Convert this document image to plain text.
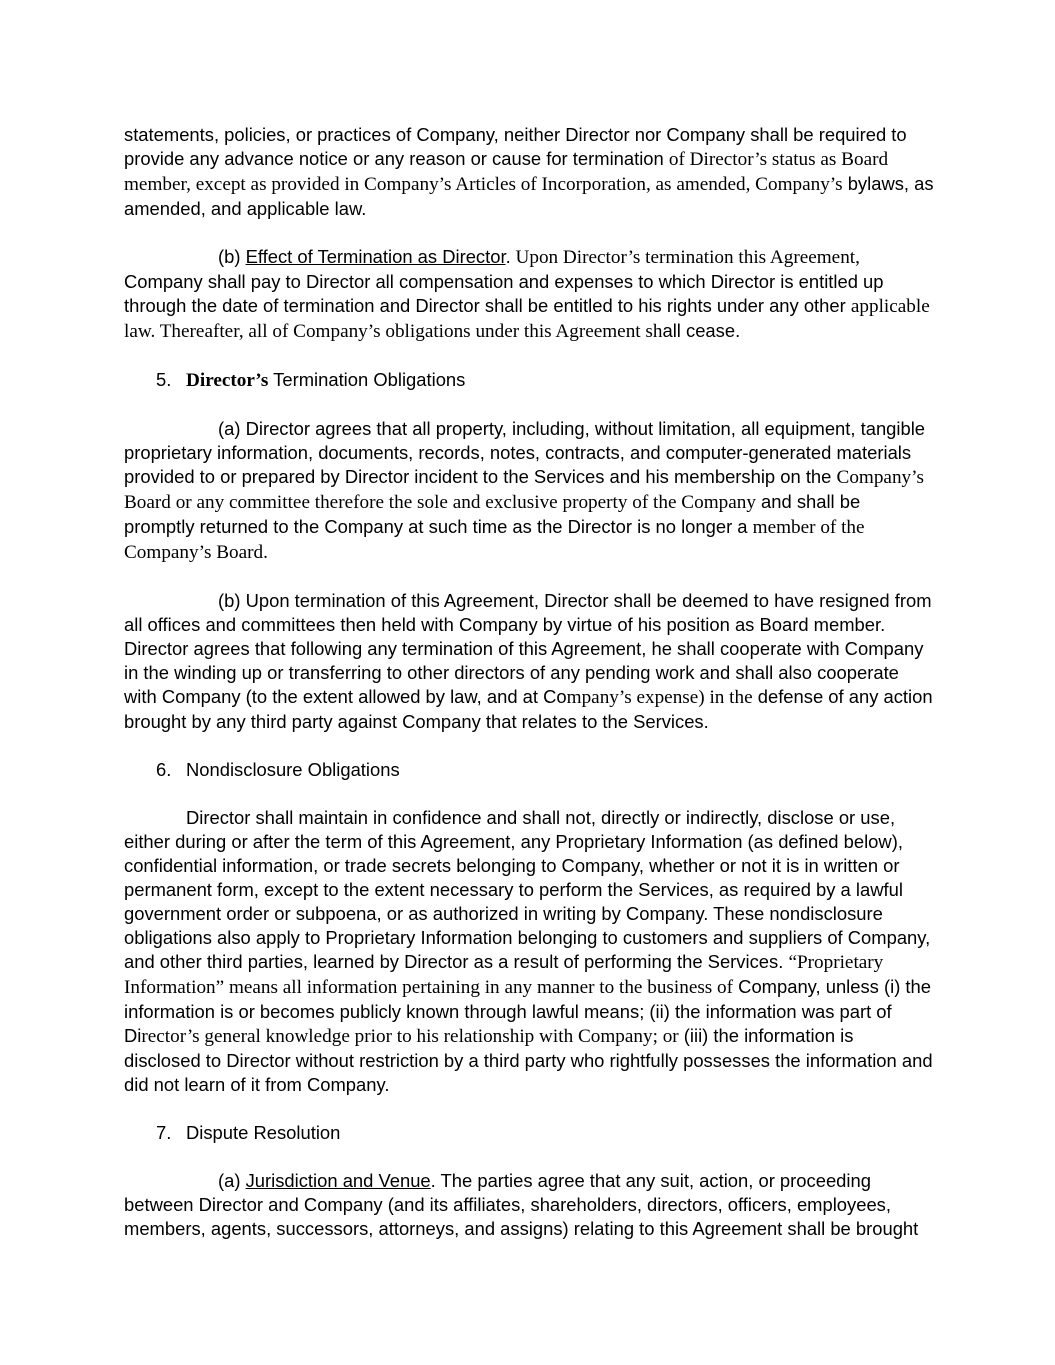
statements, policies, or practices of Company, neither Director nor Company shall be required to provide any advance notice or any reason or cause for termination of Director’s status as Board member, except as provided in Company’s Articles of Incorporation, as amended, Company’s bylaws, as amended, and applicable law.

(b) Effect of Termination as Director. Upon Director’s termination this Agreement, Company shall pay to Director all compensation and expenses to which Director is entitled up through the date of termination and Director shall be entitled to his rights under any other applicable law. Thereafter, all of Company’s obligations under this Agreement shall cease.

5. Director’s Termination Obligations

(a) Director agrees that all property, including, without limitation, all equipment, tangible proprietary information, documents, records, notes, contracts, and computer-generated materials provided to or prepared by Director incident to the Services and his membership on the Company’s Board or any committee therefore the sole and exclusive property of the Company and shall be promptly returned to the Company at such time as the Director is no longer a member of the Company’s Board.

(b) Upon termination of this Agreement, Director shall be deemed to have resigned from all offices and committees then held with Company by virtue of his position as Board member. Director agrees that following any termination of this Agreement, he shall cooperate with Company in the winding up or transferring to other directors of any pending work and shall also cooperate with Company (to the extent allowed by law, and at Company’s expense) in the defense of any action brought by any third party against Company that relates to the Services.

6. Nondisclosure Obligations

Director shall maintain in confidence and shall not, directly or indirectly, disclose or use, either during or after the term of this Agreement, any Proprietary Information (as defined below), confidential information, or trade secrets belonging to Company, whether or not it is in written or permanent form, except to the extent necessary to perform the Services, as required by a lawful government order or subpoena, or as authorized in writing by Company. These nondisclosure obligations also apply to Proprietary Information belonging to customers and suppliers of Company, and other third parties, learned by Director as a result of performing the Services. “Proprietary Information” means all information pertaining in any manner to the business of Company, unless (i) the information is or becomes publicly known through lawful means; (ii) the information was part of Director’s general knowledge prior to his relationship with Company; or (iii) the information is disclosed to Director without restriction by a third party who rightfully possesses the information and did not learn of it from Company.

7. Dispute Resolution

(a) Jurisdiction and Venue. The parties agree that any suit, action, or proceeding between Director and Company (and its affiliates, shareholders, directors, officers, employees, members, agents, successors, attorneys, and assigns) relating to this Agreement shall be brought
